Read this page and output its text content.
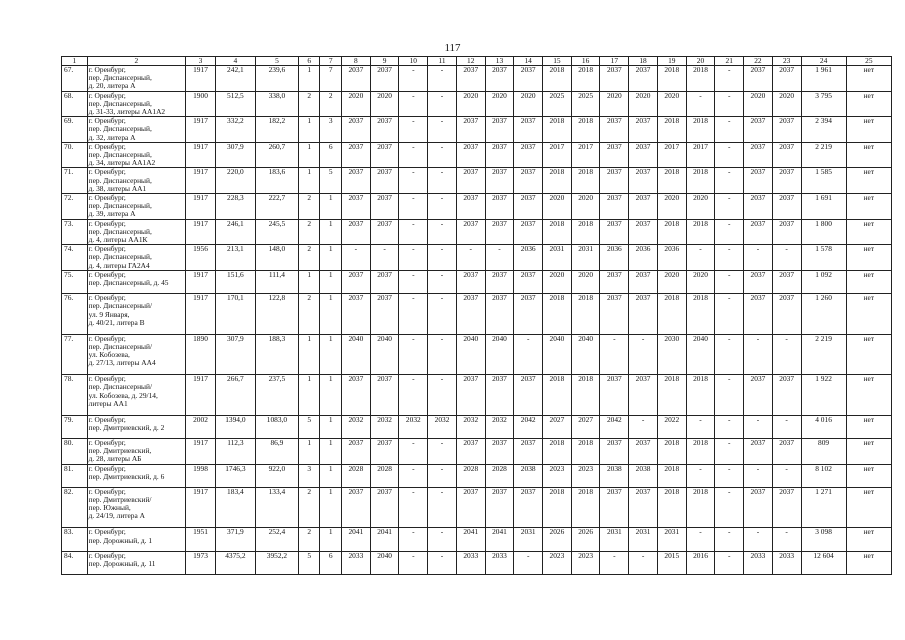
117
1	2	3	4	5	6	7	8	9	10	11	12	13	14	15	16	17	18	19	20	21	22	23	24	25
67.	г. Оренбург,
пер. Диспансерный,
д. 20, литера А	1917	242,1	239,6	1	7	2037	2037	-	-	2037	2037	2037	2018	2018	2037	2037	2018	2018	-	2037	2037	1 961	нет
68.	г. Оренбург,
пер. Диспансерный,
д. 31-33, литеры АА1А2	1900	512,5	338,0	2	2	2020	2020	-	-	2020	2020	2020	2025	2025	2020	2020	2020	-	-	2020	2020	3 795	нет
69.	г. Оренбург,
пер. Диспансерный,
д. 32, литера А	1917	332,2	182,2	1	3	2037	2037	-	-	2037	2037	2037	2018	2018	2037	2037	2018	2018	-	2037	2037	2 394	нет
70.	г. Оренбург,
пер. Диспансерный,
д. 34, литеры АА1А2	1917	307,9	260,7	1	6	2037	2037	-	-	2037	2037	2037	2017	2017	2037	2037	2017	2017	-	2037	2037	2 219	нет
71.	г. Оренбург,
пер. Диспансерный,
д. 38, литеры АА1	1917	220,0	183,6	1	5	2037	2037	-	-	2037	2037	2037	2018	2018	2037	2037	2018	2018	-	2037	2037	1 585	нет
72.	г. Оренбург,
пер. Диспансерный,
д. 39, литера А	1917	228,3	222,7	2	1	2037	2037	-	-	2037	2037	2037	2020	2020	2037	2037	2020	2020	-	2037	2037	1 691	нет
73.	г. Оренбург,
пер. Диспансерный,
д. 4, литеры АА1К	1917	246,1	245,5	2	1	2037	2037	-	-	2037	2037	2037	2018	2018	2037	2037	2018	2018	-	2037	2037	1 800	нет
74.	г. Оренбург,
пер. Диспансерный,
д. 4, литеры ГА2А4	1956	213,1	148,0	2	1	-	-	-	-	-	-	2036	2031	2031	2036	2036	2036	-	-	-	-	1 578	нет
75.	г. Оренбург,
пер. Диспансерный, д. 45	1917	151,6	111,4	1	1	2037	2037	-	-	2037	2037	2037	2020	2020	2037	2037	2020	2020	-	2037	2037	1 092	нет
76.	г. Оренбург,
пер. Диспансерный/
ул. 9 Января,
д. 40/21, литера В	1917	170,1	122,8	2	1	2037	2037	-	-	2037	2037	2037	2018	2018	2037	2037	2018	2018	-	2037	2037	1 260	нет
77.	г. Оренбург,
пер. Диспансерный/
ул. Кобозева,
д. 27/13, литеры АА4	1890	307,9	188,3	1	1	2040	2040	-	-	2040	2040	-	2040	2040	-	-	2030	2040	-	-	-	2 219	нет
78.	г. Оренбург,
пер. Диспансерный/
ул. Кобозева, д. 29/14,
литеры АА1	1917	266,7	237,5	1	1	2037	2037	-	-	2037	2037	2037	2018	2018	2037	2037	2018	2018	-	2037	2037	1 922	нет
79.	г. Оренбург,
пер. Дмитриевский, д. 2	2002	1394,0	1083,0	5	1	2032	2032	2032	2032	2032	2032	2042	2027	2027	2042	-	2022	-	-	-	-	4 016	нет
80.	г. Оренбург,
пер. Дмитриевский,
д. 28, литеры АБ	1917	112,3	86,9	1	1	2037	2037	-	-	2037	2037	2037	2018	2018	2037	2037	2018	2018	-	2037	2037	809	нет
81.	г. Оренбург,
пер. Дмитриевский, д. 6	1998	1746,3	922,0	3	1	2028	2028	-	-	2028	2028	2038	2023	2023	2038	2038	2018	-	-	-	-	8 102	нет
82.	г. Оренбург,
пер. Дмитриевский/
пер. Южный,
д. 24/19, литера А	1917	183,4	133,4	2	1	2037	2037	-	-	2037	2037	2037	2018	2018	2037	2037	2018	2018	-	2037	2037	1 271	нет
83.	г. Оренбург,
пер. Дорожный, д. 1	1951	371,9	252,4	2	1	2041	2041	-	-	2041	2041	2031	2026	2026	2031	2031	2031	-	-	-	-	3 098	нет
84.	г. Оренбург,
пер. Дорожный, д. 11	1973	4375,2	3952,2	5	6	2033	2040	-	-	2033	2033	-	2023	2023	-	-	2015	2016	-	2033	2033	12 604	нет
